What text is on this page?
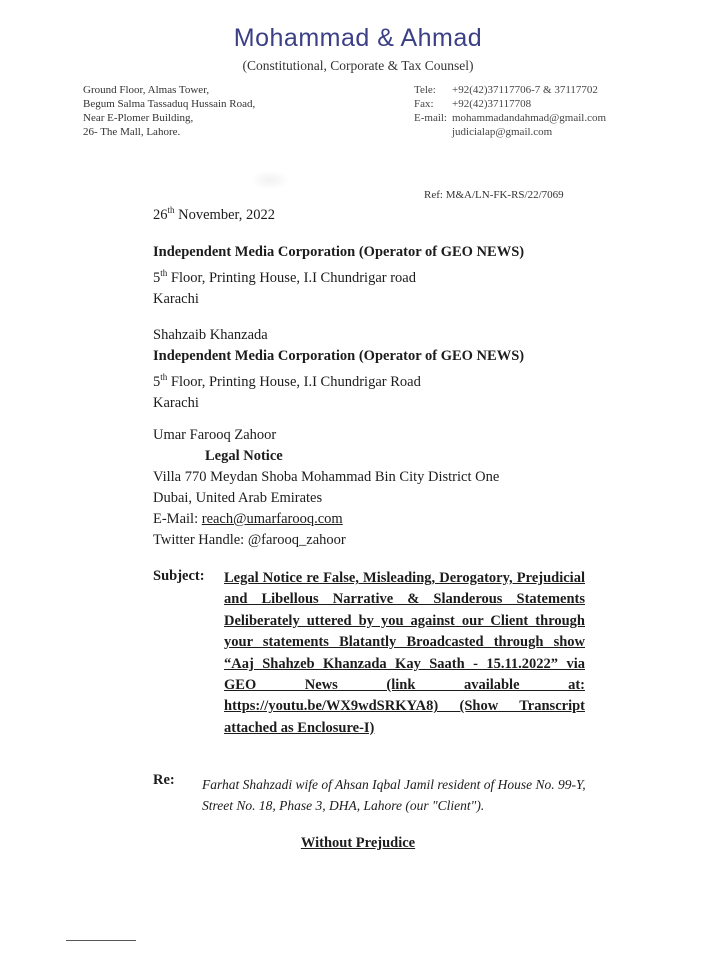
Mohammad & Ahmad
(Constitutional, Corporate & Tax Counsel)
Ground Floor, Almas Tower,
Begum Salma Tassaduq Hussain Road,
Near E-Plomer Building,
26- The Mall, Lahore.
Tele:	+92(42)37117706-7 & 37117702
Fax:	+92(42)37117708
E-mail: mohammadandahmad@gmail.com
judicialap@gmail.com
Ref: M&A/LN-FK-RS/22/7069
26th November, 2022
Independent Media Corporation (Operator of GEO NEWS)
5th Floor, Printing House, I.I Chundrigar road
Karachi
Shahzaib Khanzada
Independent Media Corporation (Operator of GEO NEWS)
5th Floor, Printing House, I.I Chundrigar Road
Karachi
Umar Farooq Zahoor
Legal Notice
Villa 770 Meydan Shoba Mohammad Bin City District One
Dubai, United Arab Emirates
E-Mail: reach@umarfarooq.com
Twitter Handle: @farooq_zahoor
Subject: Legal Notice re False, Misleading, Derogatory, Prejudicial and Libellous Narrative & Slanderous Statements Deliberately uttered by you against our Client through your statements Blatantly Broadcasted through show “Aaj Shahzeb Khanzada Kay Saath - 15.11.2022” via GEO News (link available at: https://youtu.be/WX9wdSRKYA8) (Show Transcript attached as Enclosure-I)
Re: Farhat Shahzadi wife of Ahsan Iqbal Jamil resident of House No. 99-Y, Street No. 18, Phase 3, DHA, Lahore (our "Client").
Without Prejudice
